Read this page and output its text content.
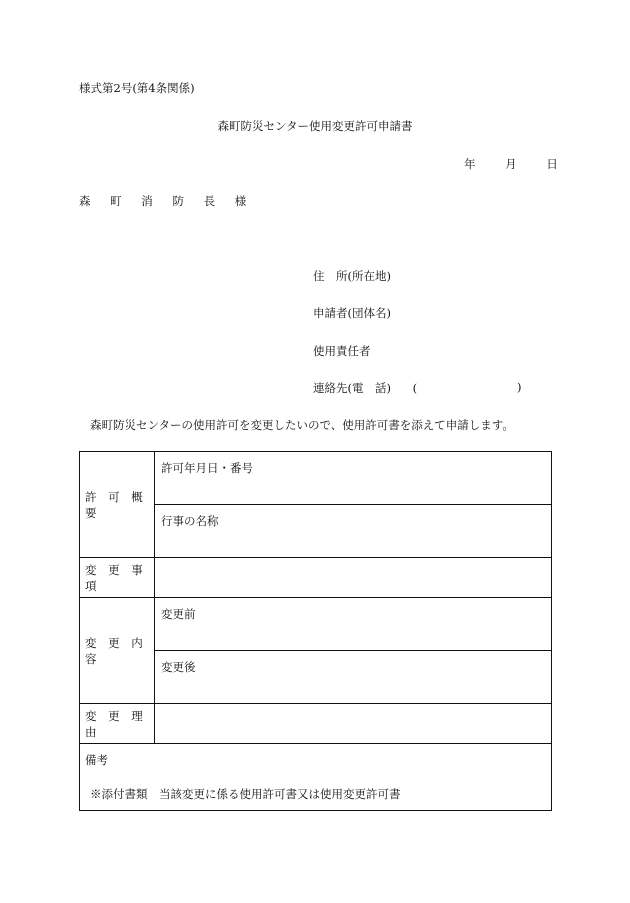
様式第2号(第4条関係)
森町防災センター使用変更許可申請書
年	月	日
森 町 消 防 長 様
住　所(所在地)
申請者(団体名)
使用責任者
連絡先(電　話) (	)
森町防災センターの使用許可を変更したいので、使用許可書を添えて申請します。
許 可 概 要	許可年月日・番号
	行事の名称
変 更 事 項	
変 更 内 容	変更前
	変更後
変 更 理 由	

備考	
※添付書類　当該変更に係る使用許可書又は使用変更許可書
